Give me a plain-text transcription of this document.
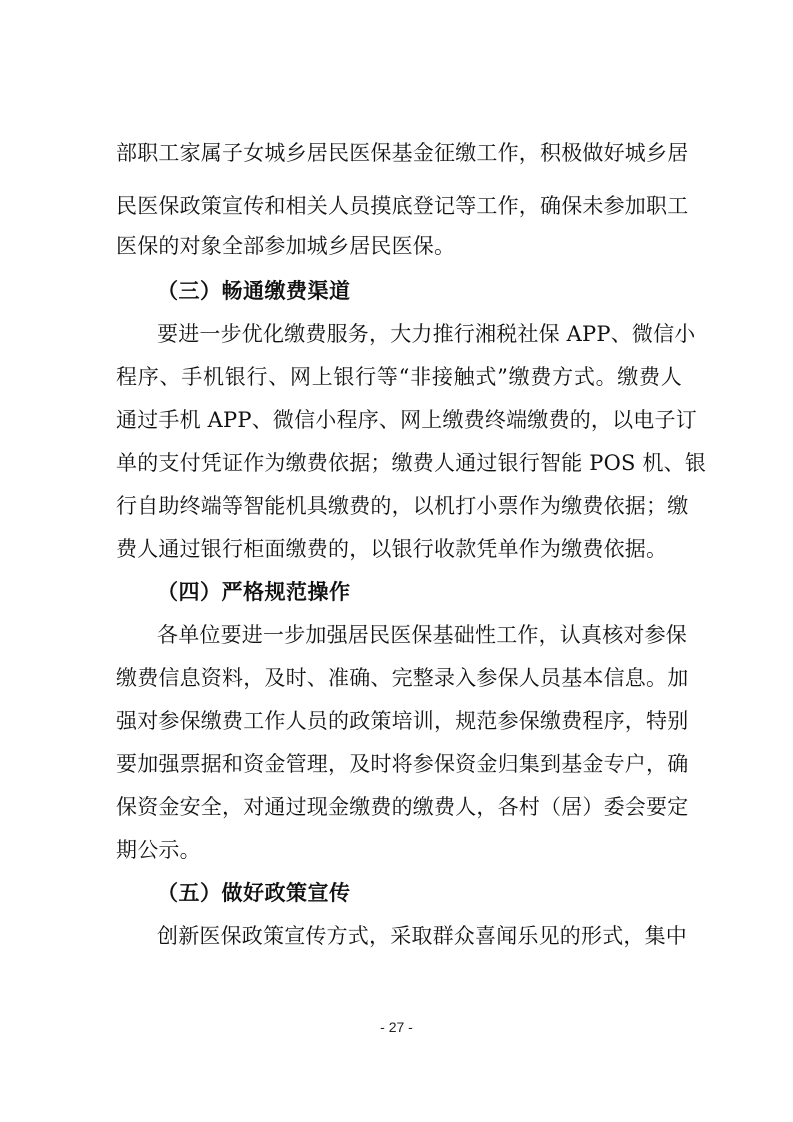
部职工家属子女城乡居民医保基金征缴工作，积极做好城乡居
民医保政策宣传和相关人员摸底登记等工作，确保未参加职工
医保的对象全部参加城乡居民医保。
（三）畅通缴费渠道
要进一步优化缴费服务，大力推行湘税社保 APP、微信小
程序、手机银行、网上银行等“非接触式”缴费方式。缴费人
通过手机 APP、微信小程序、网上缴费终端缴费的，以电子订
单的支付凭证作为缴费依据；缴费人通过银行智能 POS 机、银
行自助终端等智能机具缴费的，以机打小票作为缴费依据；缴
费人通过银行柜面缴费的，以银行收款凭单作为缴费依据。
（四）严格规范操作
各单位要进一步加强居民医保基础性工作，认真核对参保
缴费信息资料，及时、准确、完整录入参保人员基本信息。加
强对参保缴费工作人员的政策培训，规范参保缴费程序，特别
要加强票据和资金管理，及时将参保资金归集到基金专户，确
保资金安全，对通过现金缴费的缴费人，各村（居）委会要定
期公示。
（五）做好政策宣传
创新医保政策宣传方式，采取群众喜闻乐见的形式，集中
- 27 -
